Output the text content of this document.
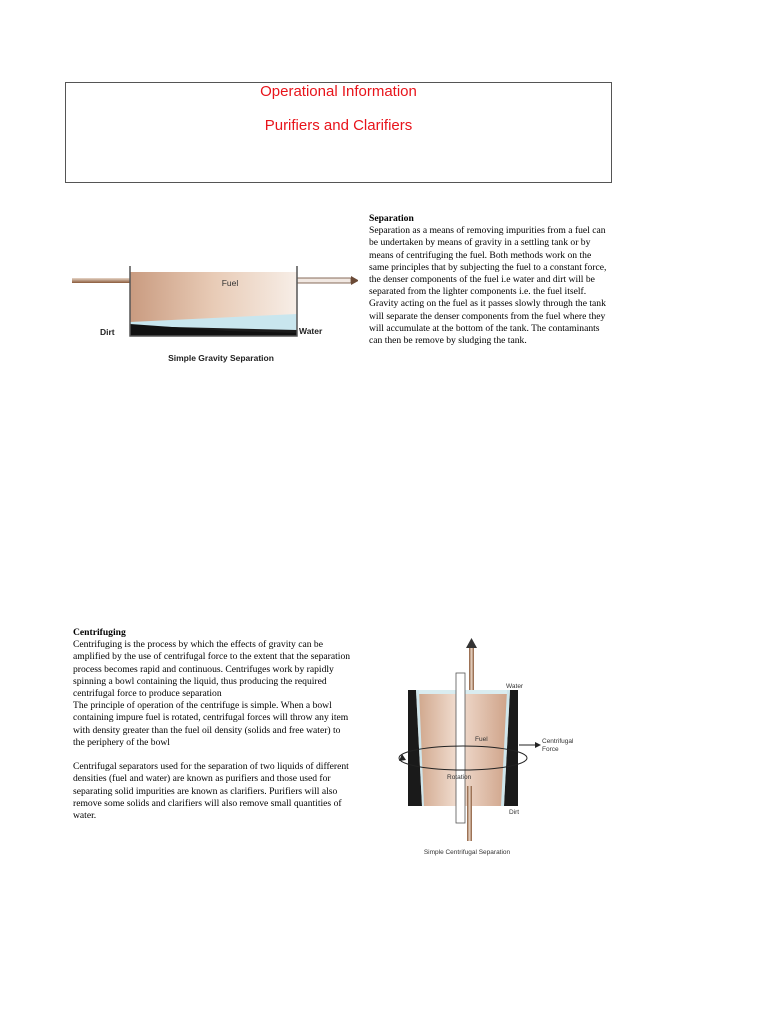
Operational Information
Purifiers and Clarifiers
Fuel
Dirt	Water
Simple Gravity Separation
Separation

Separation as a means of removing impurities from a fuel can be undertaken by means of gravity in a settling tank or by means of centrifuging the fuel. Both methods work on the same principles that by subjecting the fuel to a constant force, the denser components of the fuel i.e water and dirt will be separated from the lighter components i.e. the fuel itself.

Gravity acting on the fuel as it passes slowly through the tank will separate the denser components from the fuel where they will accumulate at the bottom of the tank. The contaminants can then be remove by sludging the tank.

Centrifuging

Centrifuging is the process by which the effects of gravity can be amplified by the use of centrifugal force to the extent that the separation process becomes rapid and continuous. Centrifuges work by rapidly spinning a bowl containing the liquid, thus producing the required centrifugal force to produce separation

The principle of operation of the centrifuge is simple. When a bowl containing impure fuel is rotated, centrifugal forces will throw any item with density greater than the fuel oil density (solids and free water) to the periphery of the bowl

Centrifugal separators used for the separation of two liquids of different densities (fuel and water) are known as purifiers and those used for separating solid impurities are known as clarifiers. Purifiers will also remove some solids and clarifiers will also remove small quantities of water.

Water
Fuel	Centrifugal
Force
Rotation
Dirt
Simple Centrifugal Separation
